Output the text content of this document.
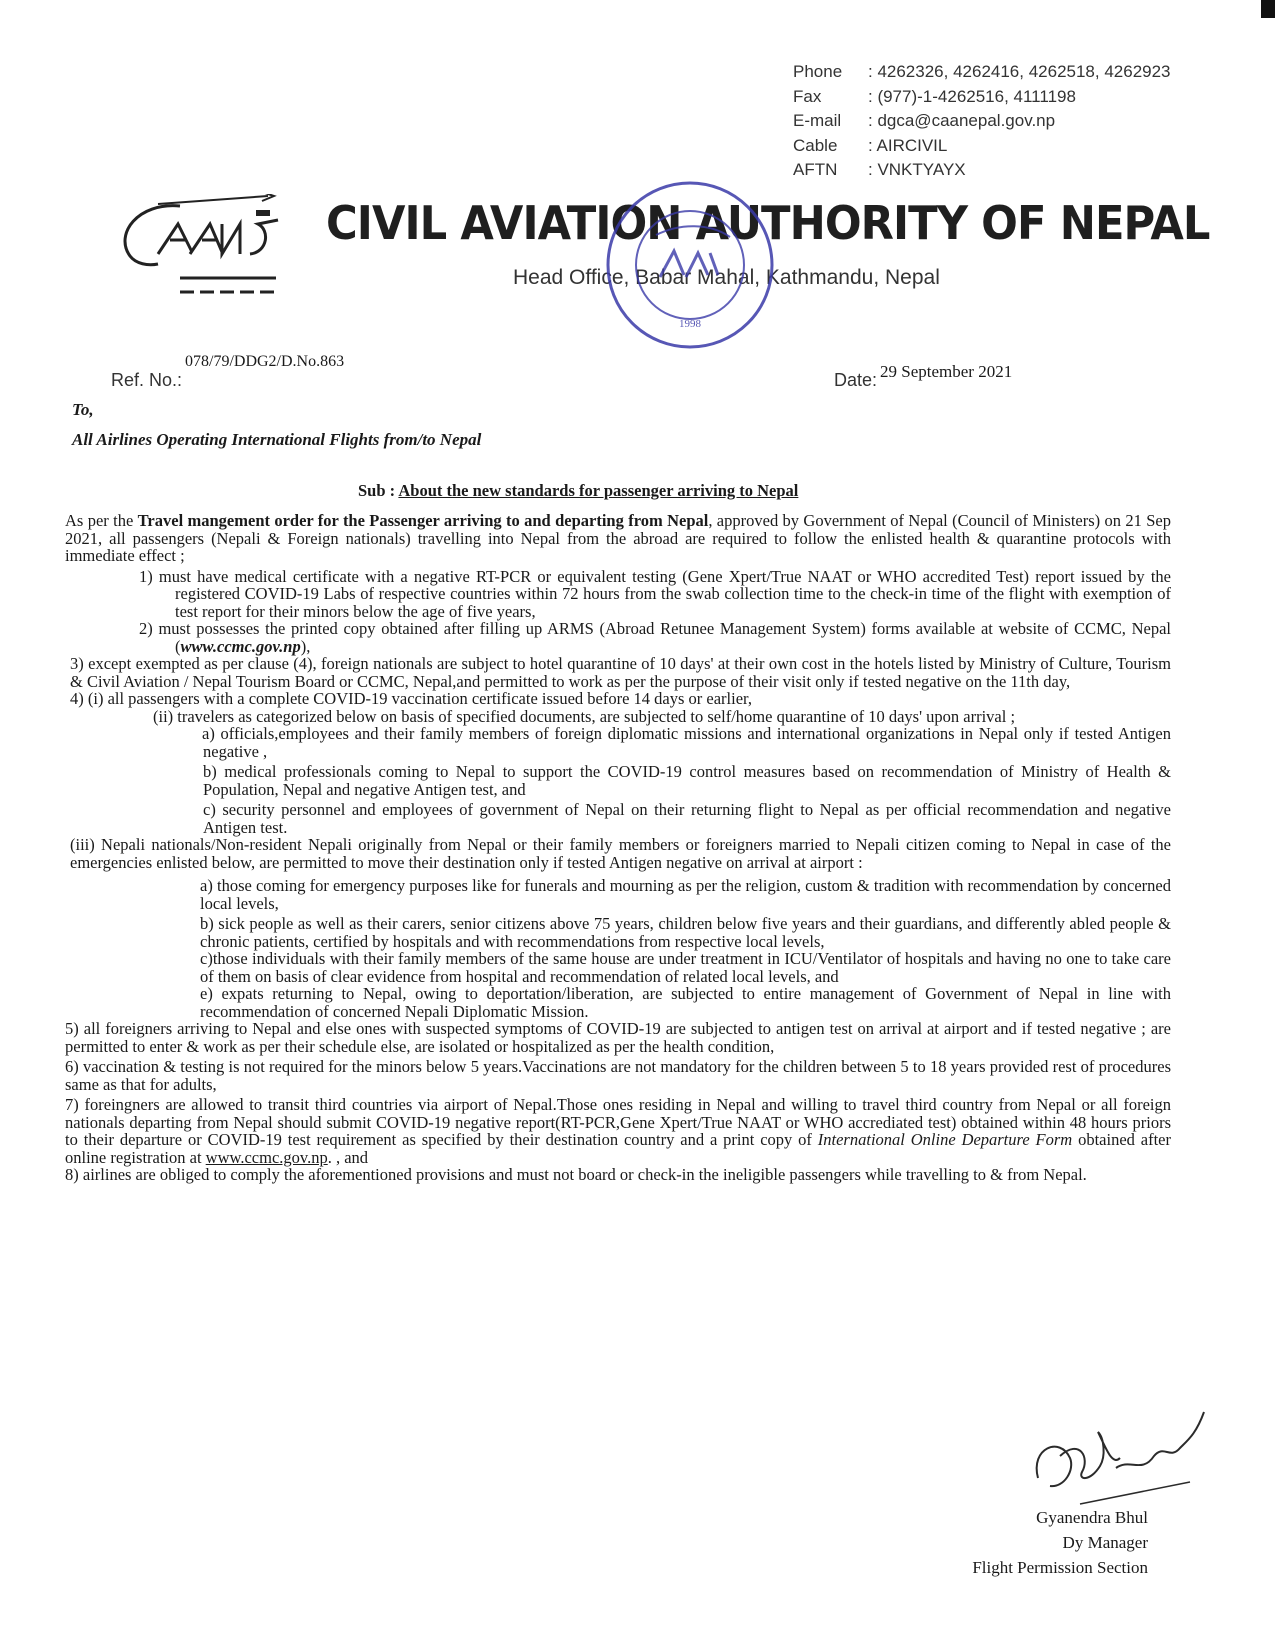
Phone	: 4262326, 4262416, 4262518, 4262923
Fax	: (977)-1-4262516, 4111198
E-mail	: dgca@caanepal.gov.np
Cable	: AIRCIVIL
AFTN	: VNKTYAYX
CIVIL AVIATION AUTHORITY OF NEPAL
Head Office, Babar Mahal, Kathmandu, Nepal
1998
078/79/DDG2/D.No.863
Ref. No.:	Date: 29 September 2021
To,
All Airlines Operating International Flights from/to Nepal
Sub : About the new standards for passenger arriving to Nepal

As per the Travel mangement order for the Passenger arriving to and departing from Nepal, approved by Government of Nepal (Council of Ministers) on 21 Sep 2021, all passengers (Nepali & Foreign nationals) travelling into Nepal from the abroad are required to follow the enlisted health & quarantine protocols with immediate effect ;

1) must have medical certificate with a negative RT-PCR or equivalent testing (Gene Xpert/True NAAT or WHO accredited Test) report issued by the registered COVID-19 Labs of respective countries within 72 hours from the swab collection time to the check-in time of the flight with exemption of test report for their minors below the age of five years,

2) must possesses the printed copy obtained after filling up ARMS (Abroad Retunee Management System) forms available at website of CCMC, Nepal (www.ccmc.gov.np),

3) except exempted as per clause (4), foreign nationals are subject to hotel quarantine of 10 days' at their own cost in the hotels listed by Ministry of Culture, Tourism & Civil Aviation / Nepal Tourism Board or CCMC, Nepal,and permitted to work as per the purpose of their visit only if tested negative on the 11th day,

4) (i) all passengers with a complete COVID-19 vaccination certificate issued before 14 days or earlier,

(ii) travelers as categorized below on basis of specified documents, are subjected to self/home quarantine of 10 days' upon arrival ;

a) officials,employees and their family members of foreign diplomatic missions and international organizations in Nepal only if tested Antigen negative ,

b) medical professionals coming to Nepal to support the COVID-19 control measures based on recommendation of Ministry of Health & Population, Nepal and negative Antigen test, and

c) security personnel and employees of government of Nepal on their returning flight to Nepal as per official recommendation and negative Antigen test.

(iii) Nepali nationals/Non-resident Nepali originally from Nepal or their family members or foreigners married to Nepali citizen coming to Nepal in case of the emergencies enlisted below, are permitted to move their destination only if tested Antigen negative on arrival at airport :

a) those coming for emergency purposes like for funerals and mourning as per the religion, custom & tradition with recommendation by concerned local levels,

b) sick people as well as their carers, senior citizens above 75 years, children below five years and their guardians, and differently abled people & chronic patients, certified by hospitals and with recommendations from respective local levels,

c)those individuals with their family members of the same house are under treatment in ICU/Ventilator of hospitals and having no one to take care of them on basis of clear evidence from hospital and recommendation of related local levels, and

e) expats returning to Nepal, owing to deportation/liberation, are subjected to entire management of Government of Nepal in line with recommendation of concerned Nepali Diplomatic Mission.

5) all foreigners arriving to Nepal and else ones with suspected symptoms of COVID-19 are subjected to antigen test on arrival at airport and if tested negative ; are permitted to enter & work as per their schedule else, are isolated or hospitalized as per the health condition,

6) vaccination & testing is not required for the minors below 5 years.Vaccinations are not mandatory for the children between 5 to 18 years provided rest of procedures same as that for adults,

7) foreingners are allowed to transit third countries via airport of Nepal.Those ones residing in Nepal and willing to travel third country from Nepal or all foreign nationals departing from Nepal should submit COVID-19 negative report(RT-PCR,Gene Xpert/True NAAT or WHO accrediated test) obtained within 48 hours priors to their departure or COVID-19 test requirement as specified by their destination country and a print copy of International Online Departure Form obtained after online registration at www.ccmc.gov.np. , and

8) airlines are obliged to comply the aforementioned provisions and must not board or check-in the ineligible passengers while travelling to & from Nepal.

Gyanendra Bhul
Dy Manager
Flight Permission Section
